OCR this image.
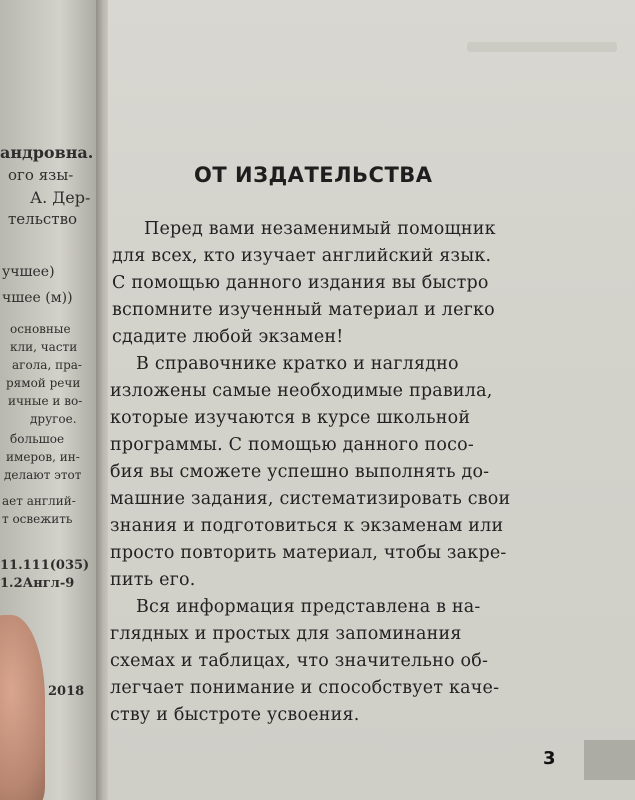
андровна.
ого язы-
А. Дер-
тельство
учшее)
чшее (м))
основные
кли, части
агола, пра-
рямой речи
ичные и во-
другое.
большое
имеров, ин-
делают этот
ает англий-
т освежить
11.111(035)
1.2Англ-9
2018
ОТ ИЗДАТЕЛЬСТВА
Перед вами незаменимый помощник
для всех, кто изучает английский язык.
С помощью данного издания вы быстро
вспомните изученный материал и легко
сдадите любой экзамен!
В справочнике кратко и наглядно
изложены самые необходимые правила,
которые изучаются в курсе школьной
программы. С помощью данного посо-
бия вы сможете успешно выполнять до-
машние задания, систематизировать свои
знания и подготовиться к экзаменам или
просто повторить материал, чтобы закре-
пить его.
Вся информация представлена в на-
глядных и простых для запоминания
схемах и таблицах, что значительно об-
легчает понимание и способствует каче-
ству и быстроте усвоения.
3
